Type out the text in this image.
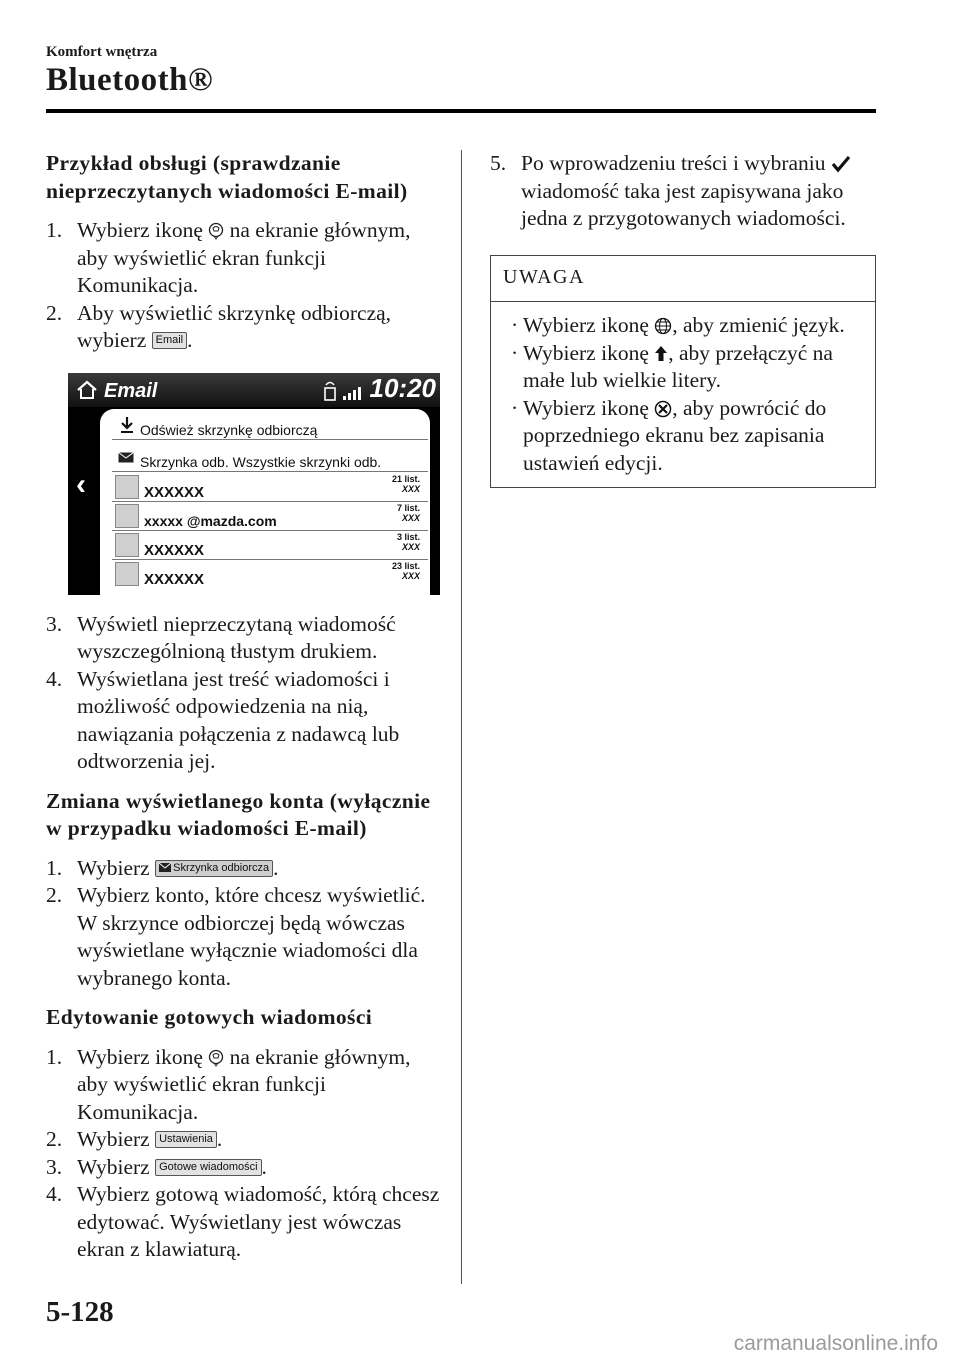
Komfort wnętrza
Bluetooth®
Przykład obsługi (sprawdzanie nieprzeczytanych wiadomości E-mail)
1. Wybierz ikonę  na ekranie głównym, aby wyświetlić ekran funkcji Komunikacja.
2. Aby wyświetlić skrzynkę odbiorczą, wybierz Email .
Email	10:20
‹
Odśwież skrzynkę odbiorczą
Skrzynka odb. Wszystkie skrzynki odb.
XXXXXX
21 list.
XXX
xxxxx @mazda.com
7 list.
XXX
XXXXXX
3 list.
XXX
XXXXXX
23 list.
XXX
3. Wyświetl nieprzeczytaną wiadomość wyszczególnioną tłustym drukiem.
4. Wyświetlana jest treść wiadomości i możliwość odpowiedzenia na nią, nawiązania połączenia z nadawcą lub odtworzenia jej.
Zmiana wyświetlanego konta (wyłącznie w przypadku wiadomości E-mail)
1. Wybierz Skrzynka odbiorcza .
2. Wybierz konto, które chcesz wyświetlić. W skrzynce odbiorczej będą wówczas wyświetlane wyłącznie wiadomości dla wybranego konta.
Edytowanie gotowych wiadomości
1. Wybierz ikonę  na ekranie głównym, aby wyświetlić ekran funkcji Komunikacja.
2. Wybierz Ustawienia .
3. Wybierz Gotowe wiadomości .
4. Wybierz gotową wiadomość, którą chcesz edytować. Wyświetlany jest wówczas ekran z klawiaturą.
5. Po wprowadzeniu treści i wybraniu  wiadomość taka jest zapisywana jako jedna z przygotowanych wiadomości.
UWAGA
· Wybierz ikonę , aby zmienić język.
· Wybierz ikonę , aby przełączyć na małe lub wielkie litery.
· Wybierz ikonę , aby powrócić do poprzedniego ekranu bez zapisania ustawień edycji.
5-128
carmanualsonline.info
